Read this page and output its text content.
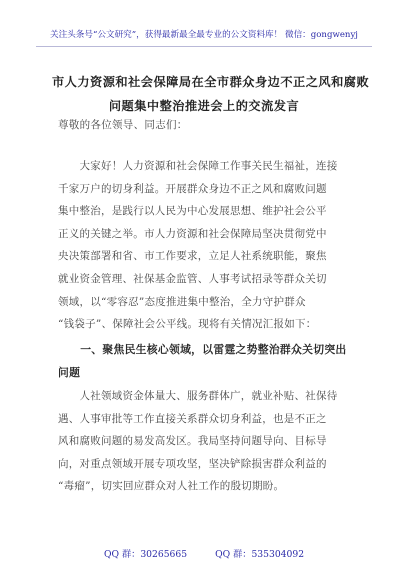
关注头条号“公文研究”，获得最新最全最专业的公文资料库！ 微信：gongwenyj
市人力资源和社会保障局在全市群众身边不正之风和腐败
问题集中整治推进会上的交流发言
尊敬的各位领导、同志们：
　　大家好！人力资源和社会保障工作事关民生福祉，连接
千家万户的切身利益。开展群众身边不正之风和腐败问题
集中整治，是践行以人民为中心发展思想、维护社会公平
正义的关键之举。市人力资源和社会保障局坚决贯彻党中
央决策部署和省、市工作要求，立足人社系统职能，聚焦
就业资金管理、社保基金监管、人事考试招录等群众关切
领域，以“零容忍”态度推进集中整治，全力守护群众
“钱袋子”、保障社会公平线。现将有关情况汇报如下：
　　一、聚焦民生核心领域，以雷霆之势整治群众关切突出
问题
　　人社领域资金体量大、服务群体广，就业补贴、社保待
遇、人事审批等工作直接关系群众切身利益，也是不正之
风和腐败问题的易发高发区。我局坚持问题导向、目标导
向，对重点领域开展专项攻坚，坚决铲除损害群众利益的
“毒瘤”，切实回应群众对人社工作的殷切期盼。
QQ 群：30265665	QQ 群：535304092
